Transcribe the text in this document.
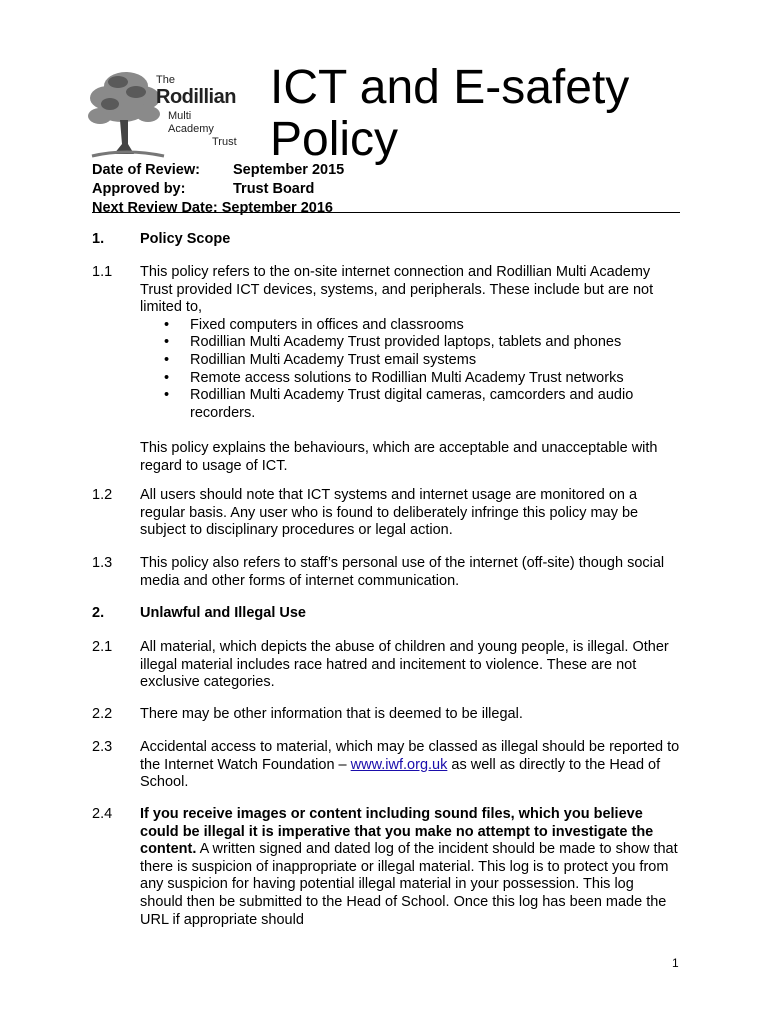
The
Rodillian
Multi
Academy
Trust
ICT and E-safety
Policy
Date of Review:	September 2015
Approved by:	Trust Board
Next Review Date: September 2016
1. Policy Scope
1.1 This policy refers to the on-site internet connection and Rodillian Multi Academy Trust provided ICT devices, systems, and peripherals. These include but are not limited to,
• Fixed computers in offices and classrooms
• Rodillian Multi Academy Trust provided laptops, tablets and phones
• Rodillian Multi Academy Trust email systems
• Remote access solutions to Rodillian Multi Academy Trust networks
• Rodillian Multi Academy Trust digital cameras, camcorders and audio recorders.
This policy explains the behaviours, which are acceptable and unacceptable with regard to usage of ICT.
1.2 All users should note that ICT systems and internet usage are monitored on a regular basis. Any user who is found to deliberately infringe this policy may be subject to disciplinary procedures or legal action.
1.3 This policy also refers to staff’s personal use of the internet (off-site) though social media and other forms of internet communication.
2. Unlawful and Illegal Use
2.1 All material, which depicts the abuse of children and young people, is illegal. Other illegal material includes race hatred and incitement to violence. These are not exclusive categories.
2.2 There may be other information that is deemed to be illegal.
2.3 Accidental access to material, which may be classed as illegal should be reported to the Internet Watch Foundation – www.iwf.org.uk as well as directly to the Head of School.
2.4 If you receive images or content including sound files, which you believe could be illegal it is imperative that you make no attempt to investigate the content. A written signed and dated log of the incident should be made to show that there is suspicion of inappropriate or illegal material. This log is to protect you from any suspicion for having potential illegal material in your possession. This log should then be submitted to the Head of School. Once this log has been made the URL if appropriate should
1
